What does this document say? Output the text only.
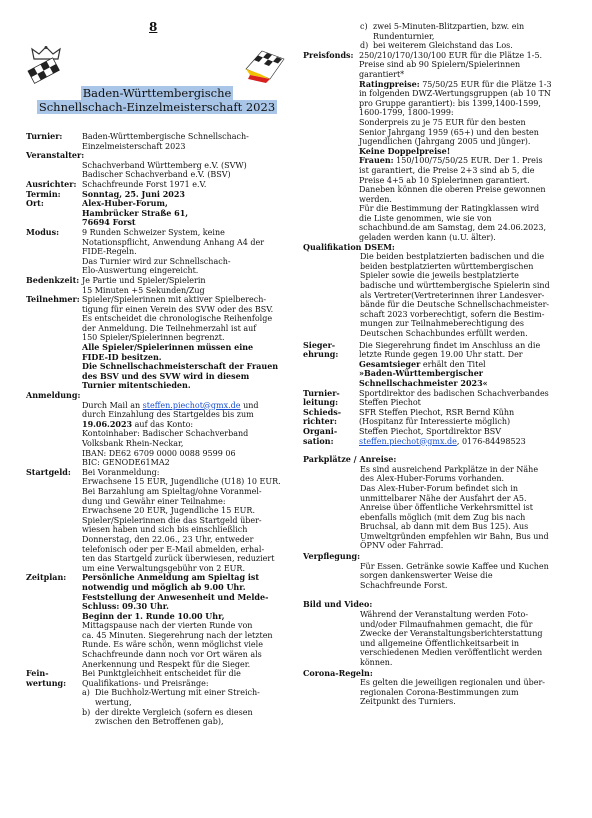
8
Baden-Württembergische
Schnellschach-Einzelmeisterschaft 2023
Turnier:	Baden-Württembergische Schnellschach-
Einzelmeisterschaft 2023
Veranstalter:
Schachverband Württemberg e.V. (SVW)
Badischer Schachverband e.V. (BSV)
Ausrichter: Schachfreunde Forst 1971 e.V.
Termin:	Sonntag, 25. Juni 2023
Ort:	Alex-Huber-Forum,
Hambrücker Straße 61,
76694 Forst
Modus:	9 Runden Schweizer System, keine
Notationspflicht, Anwendung Anhang A4 der
FIDE-Regeln.
Das Turnier wird zur Schnellschach-
Elo-Auswertung eingereicht.
Bedenkzeit: Je Partie und Spieler/Spielerin
15 Minuten +5 Sekunden/Zug
Teilnehmer: Spieler/Spielerinnen mit aktiver Spielberech-
tigung für einen Verein des SVW oder des BSV.
Es entscheidet die chronologische Reihenfolge
der Anmeldung. Die Teilnehmerzahl ist auf
150 Spieler/Spielerinnen begrenzt.
Alle Spieler/Spielerinnen müssen eine
FIDE-ID besitzen.
Die Schnellschachmeisterschaft der Frauen
des BSV und des SVW wird in diesem
Turnier mitentschieden.
Anmeldung:
Durch Mail an steffen.piechot@gmx.de und
durch Einzahlung des Startgeldes bis zum
19.06.2023 auf das Konto:
Kontoinhaber: Badischer Schachverband
Volksbank Rhein-Neckar,
IBAN: DE62 6709 0000 0088 9599 06
BIC: GENODE61MA2
Startgeld:	Bei Voranmeldung:
Erwachsene 15 EUR, Jugendliche (U18) 10 EUR.
Bei Barzahlung am Spieltag/ohne Voranmel-
dung und Gewähr einer Teilnahme:
Erwachsene 20 EUR, Jugendliche 15 EUR.
Spieler/Spielerinnen die das Startgeld über-
wiesen haben und sich bis einschließlich
Donnerstag, den 22.06., 23 Uhr, entweder
telefonisch oder per E-Mail abmelden, erhal-
ten das Startgeld zurück überwiesen, reduziert
um eine Verwaltungsgebühr von 2 EUR.
Zeitplan:	Persönliche Anmeldung am Spieltag ist
notwendig und möglich ab 9.00 Uhr.
Feststellung der Anwesenheit und Melde-
Schluss: 09.30 Uhr.
Beginn der 1. Runde 10.00 Uhr,
Mittagspause nach der vierten Runde von
ca. 45 Minuten. Siegerehrung nach der letzten
Runde. Es wäre schön, wenn möglichst viele
Schachfreunde dann noch vor Ort wären als
Anerkennung und Respekt für die Sieger.
Fein-
wertung:
Bei Punktgleichheit entscheidet für die
Qualifikations- und Preisränge:
a) Die Buchholz-Wertung mit einer Streich-
wertung,
b) der direkte Vergleich (sofern es diesen
zwischen den Betroffenen gab),
c) zwei 5-Minuten-Blitzpartien, bzw. ein
Rundenturnier,
d) bei weiterem Gleichstand das Los.
Preisfonds: 250/210/170/130/100 EUR für die Plätze 1-5.
Preise sind ab 90 Spielern/Spielerinnen
garantiert*
Ratingpreise: 75/50/25 EUR für die Plätze 1-3
in folgenden DWZ-Wertungsgruppen (ab 10 TN
pro Gruppe garantiert): bis 1399,1400-1599,
1600-1799, 1800-1999:
Sonderpreis zu je 75 EUR für den besten
Senior Jahrgang 1959 (65+) und den besten
Jugendlichen (Jahrgang 2005 und jünger).
Keine Doppelpreise!
Frauen: 150/100/75/50/25 EUR. Der 1. Preis
ist garantiert, die Preise 2+3 sind ab 5, die
Preise 4+5 ab 10 Spielerinnen garantiert.
Daneben können die oberen Preise gewonnen
werden.
Für die Bestimmung der Ratingklassen wird
die Liste genommen, wie sie von
schachbund.de am Samstag, dem 24.06.2023,
geladen werden kann (u.U. älter).
Qualifikation DSEM:
Die beiden bestplatzierten badischen und die
beiden bestplatzierten württembergischen
Spieler sowie die jeweils bestplatzierte
badische und württembergische Spielerin sind
als Vertreter(Vertreterinnen ihrer Landesver-
bände für die Deutsche Schnellschachmeister-
schaft 2023 vorberechtigt, sofern die Bestim-
mungen zur Teilnahmeberechtigung des
Deutschen Schachbundes erfüllt werden.
Sieger-
ehrung:
Die Siegerehrung findet im Anschluss an die
letzte Runde gegen 19.00 Uhr statt. Der
Gesamtsieger erhält den Titel
»Baden-Württembergischer
Schnellschachmeister 2023«
Turnier-
leitung:
Sportdirektor des badischen Schachverbandes
Steffen Piechot
Schieds-
richter:
SFR Steffen Piechot, RSR Bernd Kühn
(Hospitanz für Interessierte möglich)
Organi-
sation:
Steffen Piechot, Sportdirektor BSV
steffen.piechot@gmx.de, 0176-84498523
Parkplätze / Anreise:
Es sind ausreichend Parkplätze in der Nähe
des Alex-Huber-Forums vorhanden.
Das Alex-Huber-Forum befindet sich in
unmittelbarer Nähe der Ausfahrt der A5.
Anreise über öffentliche Verkehrsmittel ist
ebenfalls möglich (mit dem Zug bis nach
Bruchsal, ab dann mit dem Bus 125). Aus
Umweltgründen empfehlen wir Bahn, Bus und
ÖPNV oder Fahrrad.
Verpflegung:
Für Essen. Getränke sowie Kaffee und Kuchen
sorgen dankenswerter Weise die
Schachfreunde Forst.
Bild und Video:
Während der Veranstaltung werden Foto-
und/oder Filmaufnahmen gemacht, die für
Zwecke der Veranstaltungsberichterstattung
und allgemeine Öffentlichkeitsarbeit in
verschiedenen Medien veröffentlicht werden
können.
Corona-Regeln:
Es gelten die jeweiligen regionalen und über-
regionalen Corona-Bestimmungen zum
Zeitpunkt des Turniers.
